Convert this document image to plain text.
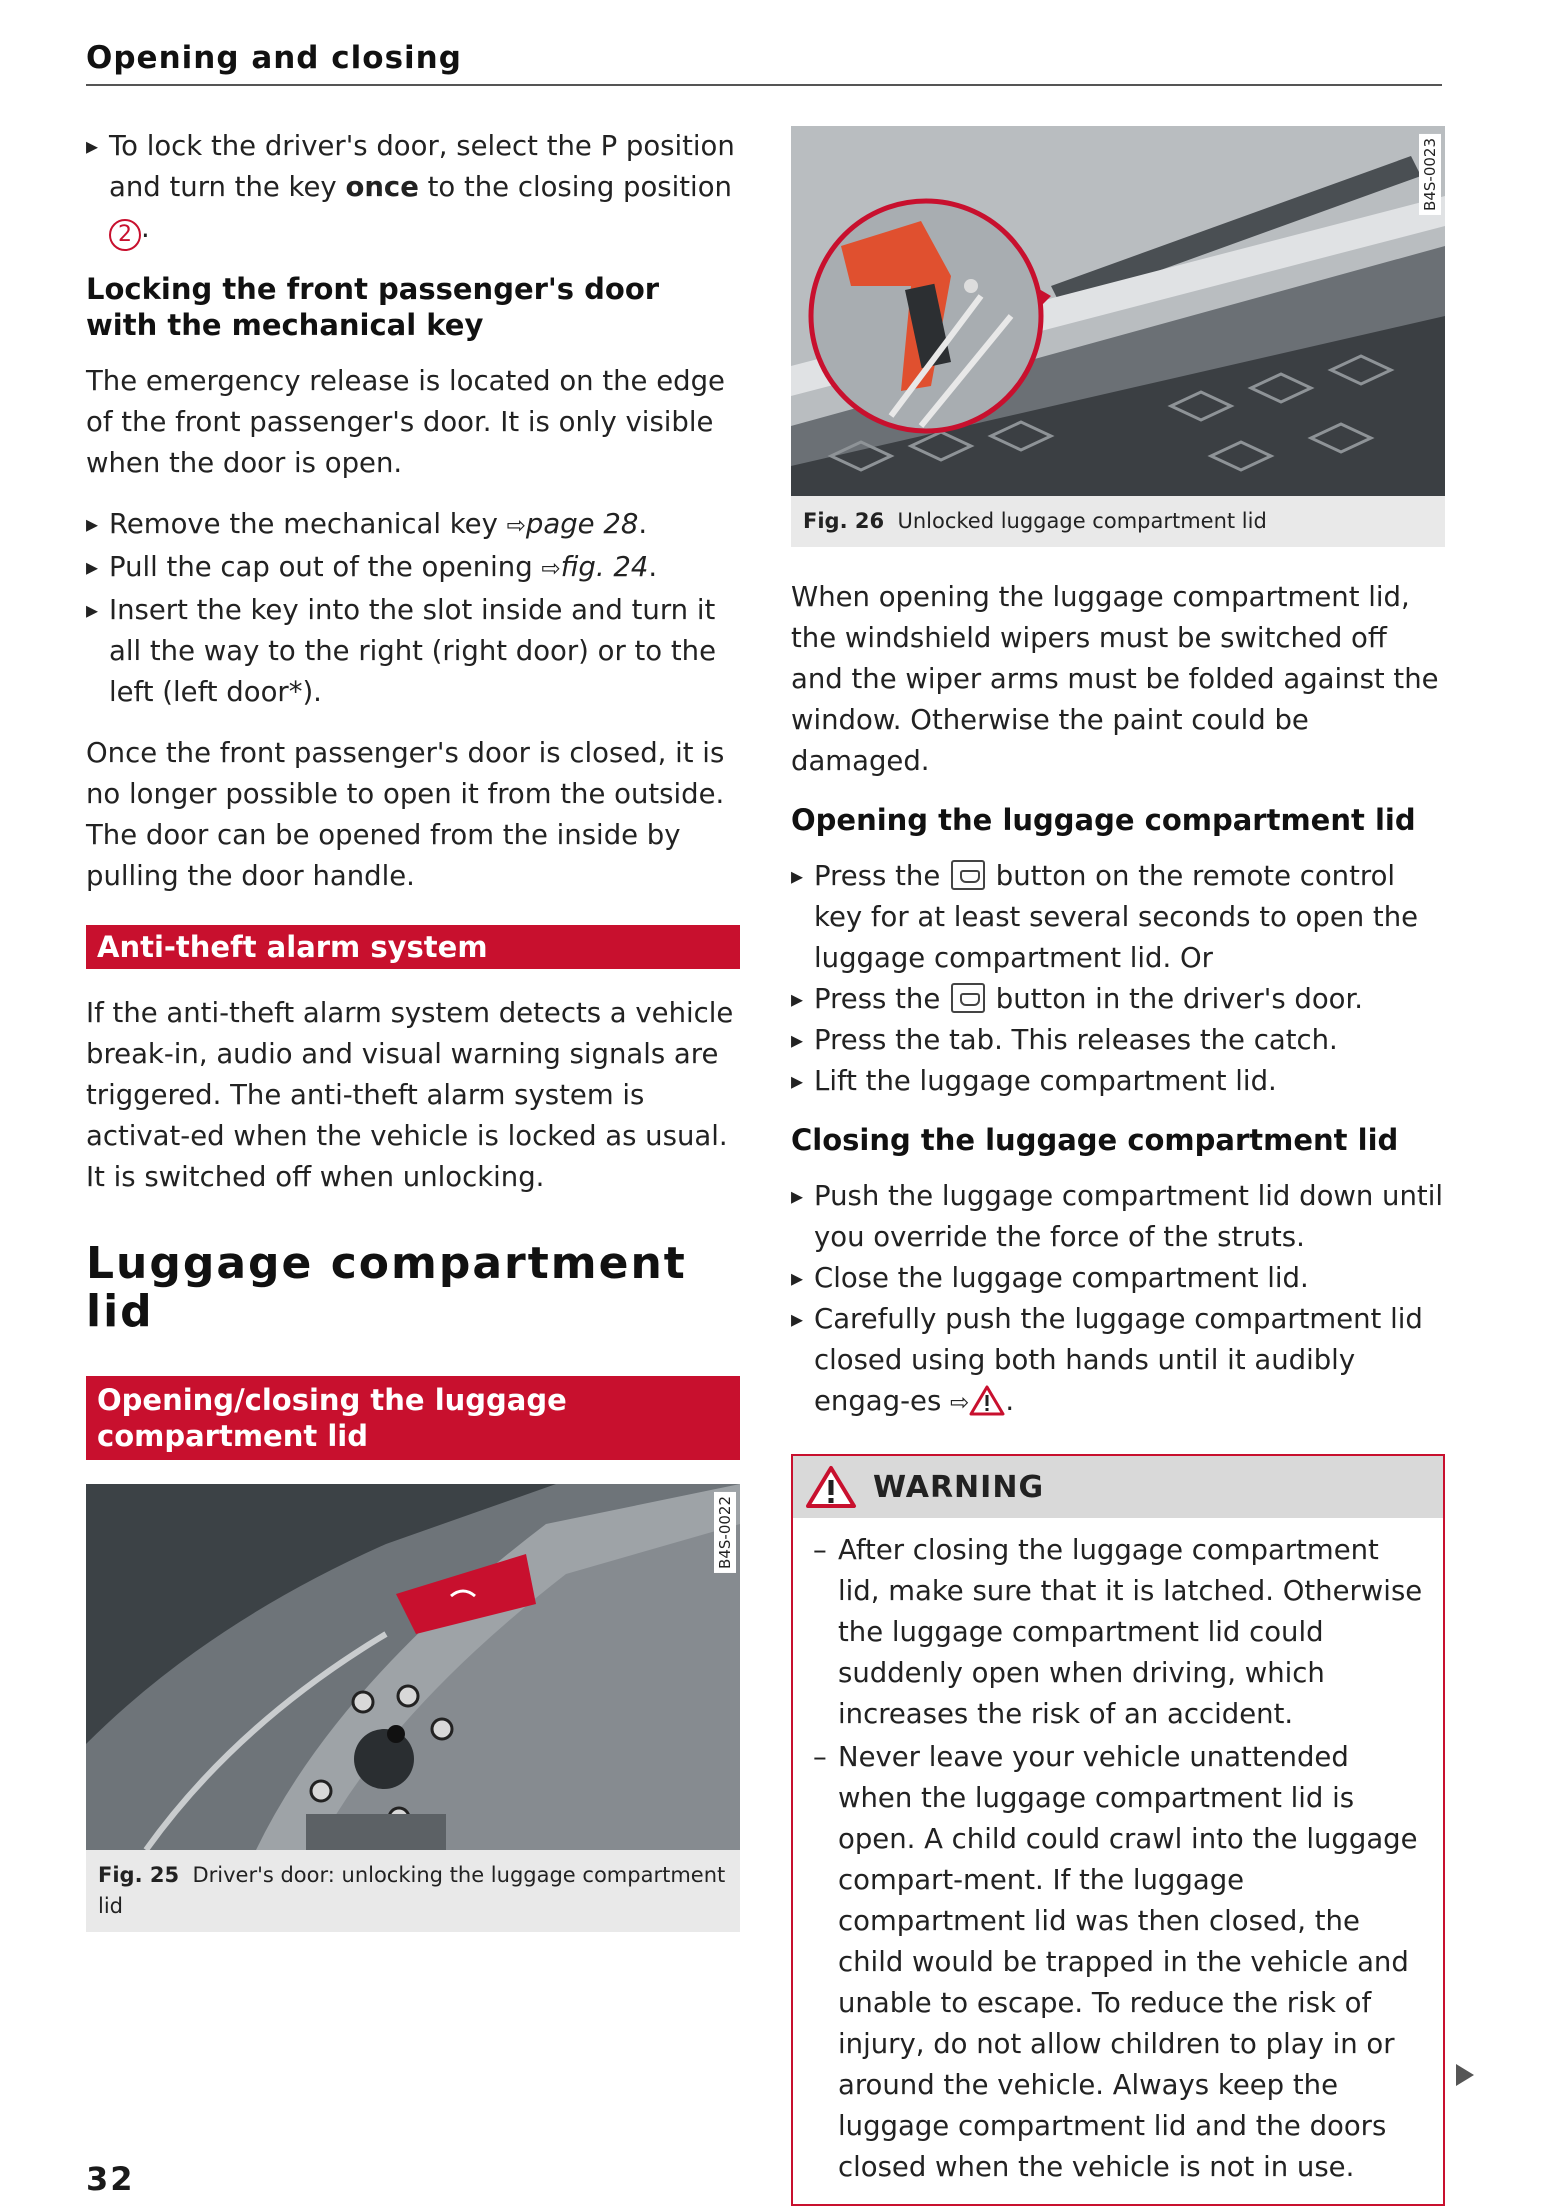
Opening and closing
▸ To lock the driver's door, select the P position and turn the key once to the closing position 2 .
Locking the front passenger's door with the mechanical key

The emergency release is located on the edge of the front passenger's door. It is only visible when the door is open.

▸ Remove the mechanical key ⇨page 28.
▸ Pull the cap out of the opening ⇨fig. 24.
▸ Insert the key into the slot inside and turn it all the way to the right (right door) or to the left (left door*).

Once the front passenger's door is closed, it is no longer possible to open it from the outside. The door can be opened from the inside by pulling the door handle.

Anti-theft alarm system

If the anti-theft alarm system detects a vehicle break-in, audio and visual warning signals are triggered. The anti-theft alarm system is activat-ed when the vehicle is locked as usual. It is switched off when unlocking.

Luggage compartment lid
Opening/closing the luggage compartment lid
B4S-0022
Fig. 25 Driver's door: unlocking the luggage compartment lid
B4S-0023
Fig. 26 Unlocked luggage compartment lid

When opening the luggage compartment lid, the windshield wipers must be switched off and the wiper arms must be folded against the window. Otherwise the paint could be damaged.

Opening the luggage compartment lid
▸ Press the  button on the remote control key for at least several seconds to open the luggage compartment lid. Or
▸ Press the  button in the driver's door.
▸ Press the tab. This releases the catch.
▸ Lift the luggage compartment lid.
Closing the luggage compartment lid
▸ Push the luggage compartment lid down until you override the force of the struts.
▸ Close the luggage compartment lid.
▸ Carefully push the luggage compartment lid closed using both hands until it audibly engag-es ⇨ .
WARNING
– After closing the luggage compartment lid, make sure that it is latched. Otherwise the luggage compartment lid could suddenly open when driving, which increases the risk of an accident.
– Never leave your vehicle unattended when the luggage compartment lid is open. A child could crawl into the luggage compart-ment. If the luggage compartment lid was then closed, the child would be trapped in the vehicle and unable to escape. To reduce the risk of injury, do not allow children to play in or around the vehicle. Always keep the luggage compartment lid and the doors closed when the vehicle is not in use.
32
